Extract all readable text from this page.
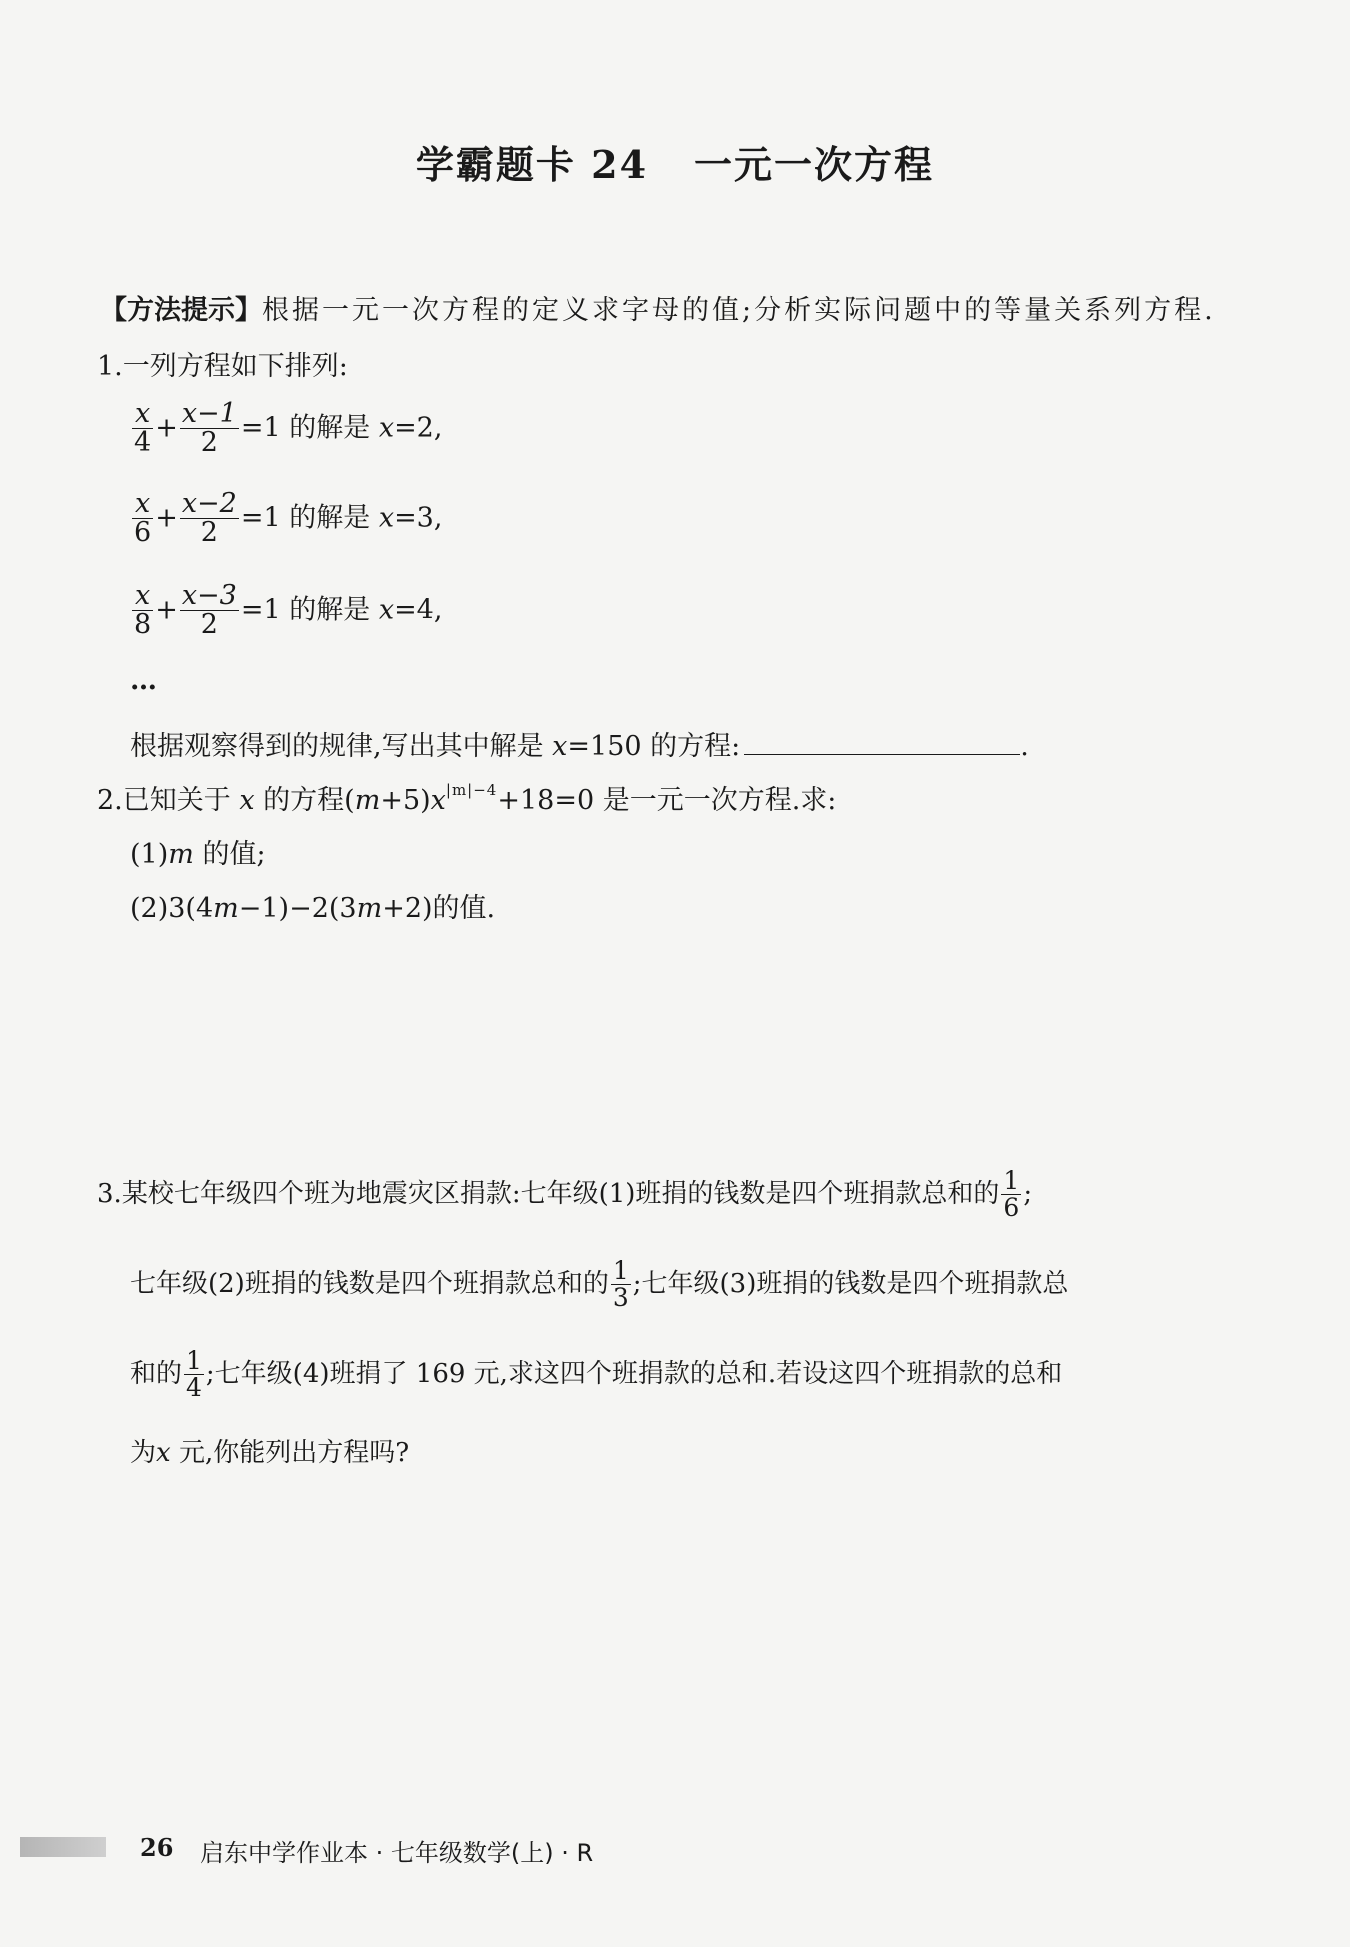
学霸题卡 24 一元一次方程
【方法提示】根据一元一次方程的定义求字母的值;分析实际问题中的等量关系列方程.
1.一列方程如下排列:
$\frac{x}{4} + \frac{x-1}{2} =1$ 的解是 x=2,
$\frac{x}{6} + \frac{x-2}{2} =1$ 的解是 x=3,
$\frac{x}{8} + \frac{x-3}{2} =1$ 的解是 x=4,
…
根据观察得到的规律,写出其中解是 x=150 的方程:	.
2.已知关于 x 的方程$(m+5)x^{|m|-4}+18=0$ 是一元一次方程.求:
(1)m 的值;
(2)3(4m−1)−2(3m+2)的值.
3.某校七年级四个班为地震灾区捐款:七年级(1)班捐的钱数是四个班捐款总和的 $\frac{1}{6}$ ;
七年级(2)班捐的钱数是四个班捐款总和的 $\frac{1}{3}$ ;七年级(3)班捐的钱数是四个班捐款总
和的 $\frac{1}{4}$ ;七年级(4)班捐了 169 元,求这四个班捐款的总和.若设这四个班捐款的总和
为x 元,你能列出方程吗?
26 启东中学作业本 · 七年级数学(上) · R
